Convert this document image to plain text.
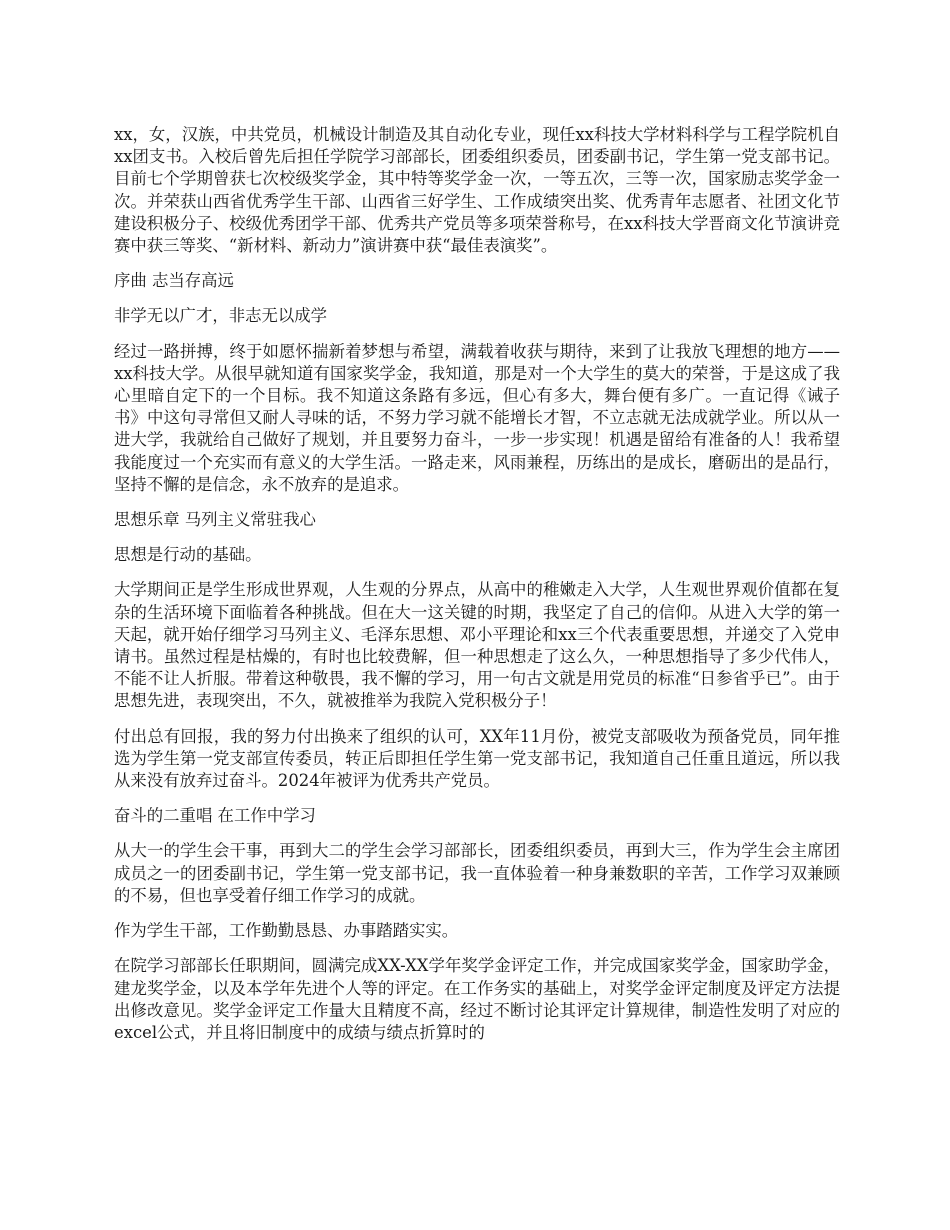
xx，女，汉族，中共党员，机械设计制造及其自动化专业，现任xx科技大学材料科学与工程学院机自xx团支书。入校后曾先后担任学院学习部部长，团委组织委员，团委副书记，学生第一党支部书记。目前七个学期曾获七次校级奖学金，其中特等奖学金一次，一等五次，三等一次，国家励志奖学金一次。并荣获山西省优秀学生干部、山西省三好学生、工作成绩突出奖、优秀青年志愿者、社团文化节建设积极分子、校级优秀团学干部、优秀共产党员等多项荣誉称号，在xx科技大学晋商文化节演讲竞赛中获三等奖、“新材料、新动力”演讲赛中获“最佳表演奖”。

序曲 志当存高远

非学无以广才，非志无以成学

经过一路拼搏，终于如愿怀揣新着梦想与希望，满载着收获与期待，来到了让我放飞理想的地方——xx科技大学。从很早就知道有国家奖学金，我知道，那是对一个大学生的莫大的荣誉，于是这成了我心里暗自定下的一个目标。我不知道这条路有多远，但心有多大，舞台便有多广。一直记得《诫子书》中这句寻常但又耐人寻味的话，不努力学习就不能增长才智，不立志就无法成就学业。所以从一进大学，我就给自己做好了规划，并且要努力奋斗，一步一步实现！机遇是留给有准备的人！我希望我能度过一个充实而有意义的大学生活。一路走来，风雨兼程，历练出的是成长，磨砺出的是品行，坚持不懈的是信念，永不放弃的是追求。

思想乐章 马列主义常驻我心

思想是行动的基础。

大学期间正是学生形成世界观，人生观的分界点，从高中的稚嫩走入大学，人生观世界观价值都在复杂的生活环境下面临着各种挑战。但在大一这关键的时期，我坚定了自己的信仰。从进入大学的第一天起，就开始仔细学习马列主义、毛泽东思想、邓小平理论和xx三个代表重要思想，并递交了入党申请书。虽然过程是枯燥的，有时也比较费解，但一种思想走了这么久，一种思想指导了多少代伟人，不能不让人折服。带着这种敬畏，我不懈的学习，用一句古文就是用党员的标准“日参省乎已”。由于思想先进，表现突出，不久，就被推举为我院入党积极分子！

付出总有回报，我的努力付出换来了组织的认可，XX年11月份，被党支部吸收为预备党员，同年推选为学生第一党支部宣传委员，转正后即担任学生第一党支部书记，我知道自己任重且道远，所以我从来没有放弃过奋斗。2024年被评为优秀共产党员。

奋斗的二重唱 在工作中学习

从大一的学生会干事，再到大二的学生会学习部部长，团委组织委员，再到大三，作为学生会主席团成员之一的团委副书记，学生第一党支部书记，我一直体验着一种身兼数职的辛苦，工作学习双兼顾的不易，但也享受着仔细工作学习的成就。

作为学生干部，工作勤勤恳恳、办事踏踏实实。

在院学习部部长任职期间，圆满完成XX-XX学年奖学金评定工作，并完成国家奖学金，国家助学金，建龙奖学金，以及本学年先进个人等的评定。在工作务实的基础上，对奖学金评定制度及评定方法提出修改意见。奖学金评定工作量大且精度不高，经过不断讨论其评定计算规律，制造性发明了对应的excel公式，并且将旧制度中的成绩与绩点折算时的
